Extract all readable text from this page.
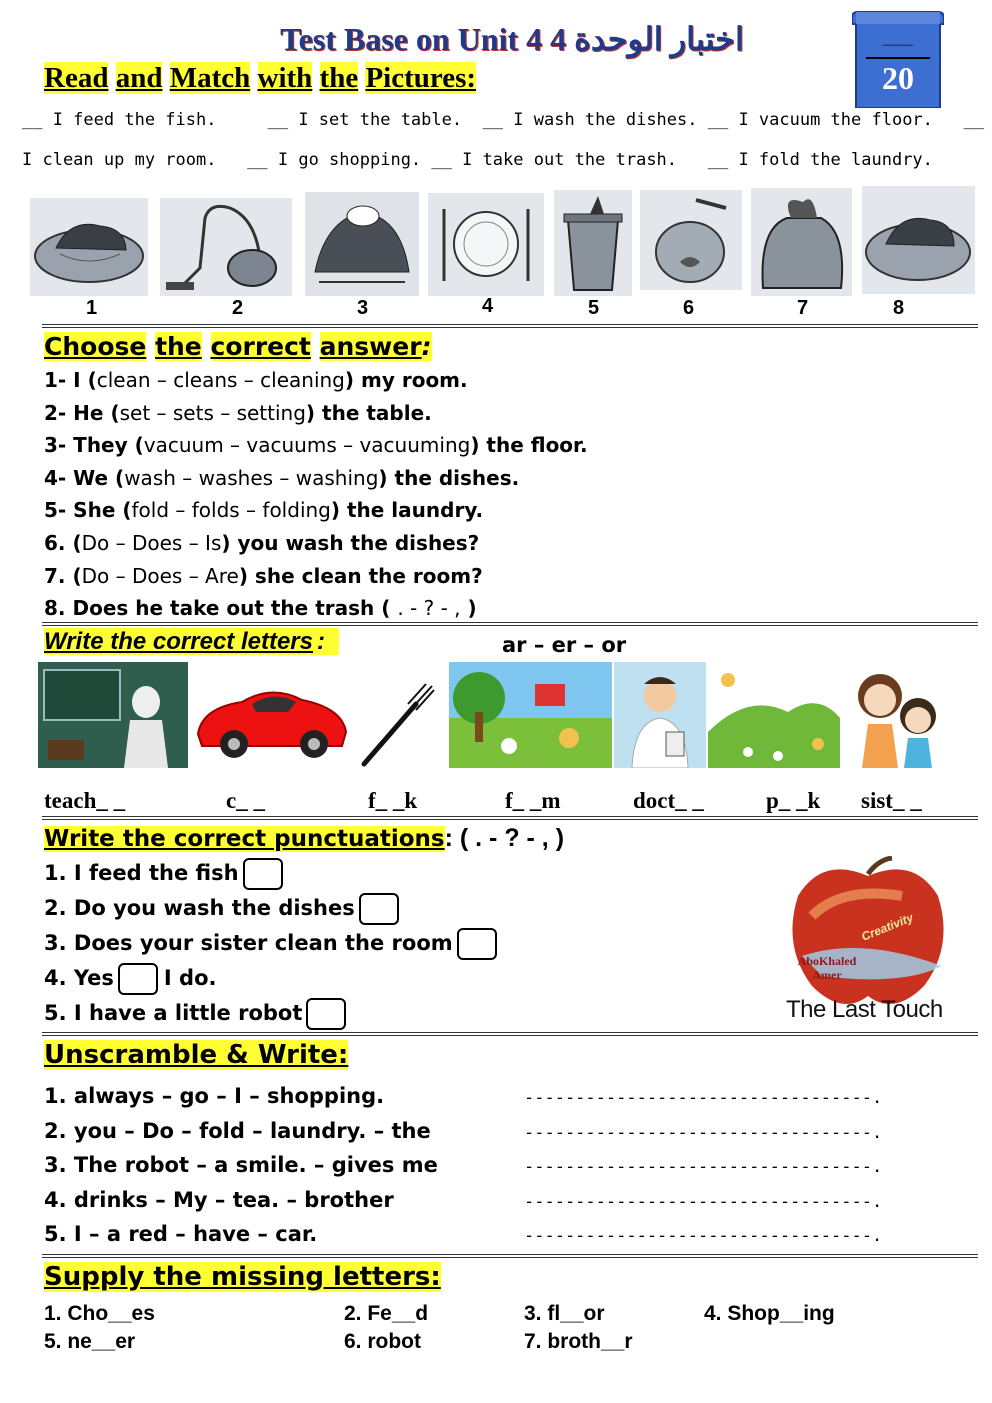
Test Base on Unit 4 اختبار الوحدة 4	___
20
Read and Match with the Pictures:
__ I feed the fish.     __ I set the table.  __ I wash the dishes. __ I vacuum the floor.   __
I clean up my room.   __ I go shopping. __ I take out the trash.   __ I fold the laundry.
1	2	3	4	5	6	7	8
Choose the correct answer:
1- I (clean – cleans – cleaning) my room.
2- He (set – sets – setting) the table.
3- They (vacuum – vacuums – vacuuming) the floor.
4- We (wash – washes – washing) the dishes.
5- She (fold – folds – folding) the laundry.
6. (Do – Does – Is) you wash the dishes?
7. (Do – Does – Are) she clean the room?
8. Does he take out the trash ( . - ? - , )
Write the correct letters :	ar – er – or
teach_ _	c_ _	f_ _k	f_ _m	doct_ _	p_ _k sist_ _
Write the correct punctuations: ( . - ? - , )
1. I feed the fish
2. Do you wash the dishes
3. Does your sister clean the room
4. Yes I do.
5. I have a little robot
AboKhaled Amer
Creativity
The Last Touch
Unscramble & Write:
1. always – go – I – shopping.
2. you – Do – fold – laundry. – the
3. The robot – a smile. – gives me
4. drinks – My – tea. – brother
5. I – a red – have – car.
----------------------------------.
----------------------------------.
----------------------------------.
----------------------------------.
----------------------------------.
Supply the missing letters:
1. Cho__es	2. Fe__d	3. fl__or	4. Shop__ing
5. ne__er	6. robot	7. broth__r
